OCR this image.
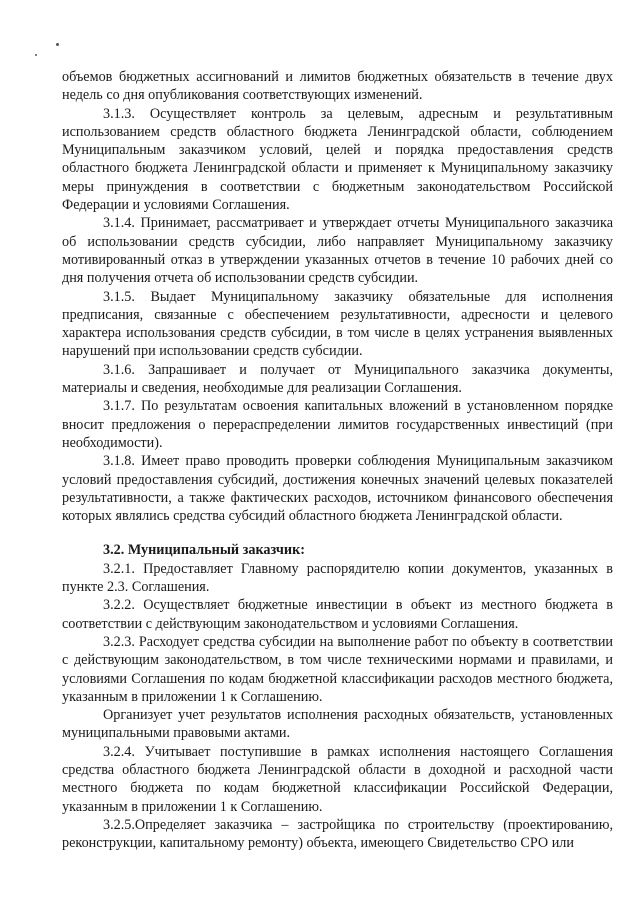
объемов бюджетных ассигнований и лимитов бюджетных обязательств в течение двух недель со дня опубликования соответствующих изменений.

3.1.3. Осуществляет контроль за целевым, адресным и результативным использованием средств областного бюджета Ленинградской области, соблюдением Муниципальным заказчиком условий, целей и порядка предоставления средств областного бюджета Ленинградской области и применяет к Муниципальному заказчику меры принуждения в соответствии с бюджетным законодательством Российской Федерации и условиями Соглашения.

3.1.4. Принимает, рассматривает и утверждает отчеты Муниципального заказчика об использовании средств субсидии, либо направляет Муниципальному заказчику мотивированный отказ в утверждении указанных отчетов в течение 10 рабочих дней со дня получения отчета об использовании средств субсидии.

3.1.5. Выдает Муниципальному заказчику обязательные для исполнения предписания, связанные с обеспечением результативности, адресности и целевого характера использования средств субсидии, в том числе в целях устранения выявленных нарушений при использовании средств субсидии.

3.1.6. Запрашивает и получает от Муниципального заказчика документы, материалы и сведения, необходимые для реализации Соглашения.

3.1.7. По результатам освоения капитальных вложений в установленном порядке вносит предложения о перераспределении лимитов государственных инвестиций (при необходимости).

3.1.8. Имеет право проводить проверки соблюдения Муниципальным заказчиком условий предоставления субсидий, достижения конечных значений целевых показателей результативности, а также фактических расходов, источником финансового обеспечения которых являлись средства субсидий областного бюджета Ленинградской области.

3.2. Муниципальный заказчик:

3.2.1. Предоставляет Главному распорядителю копии документов, указанных в пункте 2.3. Соглашения.

3.2.2. Осуществляет бюджетные инвестиции в объект из местного бюджета в соответствии с действующим законодательством и условиями Соглашения.

3.2.3. Расходует средства субсидии на выполнение работ по объекту в соответствии с действующим законодательством, в том числе техническими нормами и правилами, и условиями Соглашения по кодам бюджетной классификации расходов местного бюджета, указанным в приложении 1 к Соглашению.

Организует учет результатов исполнения расходных обязательств, установленных муниципальными правовыми актами.

3.2.4. Учитывает поступившие в рамках исполнения настоящего Соглашения средства областного бюджета Ленинградской области в доходной и расходной части местного бюджета по кодам бюджетной классификации Российской Федерации, указанным в приложении 1 к Соглашению.

3.2.5.Определяет заказчика – застройщика по строительству (проектированию, реконструкции, капитальному ремонту) объекта, имеющего Свидетельство СРО или
